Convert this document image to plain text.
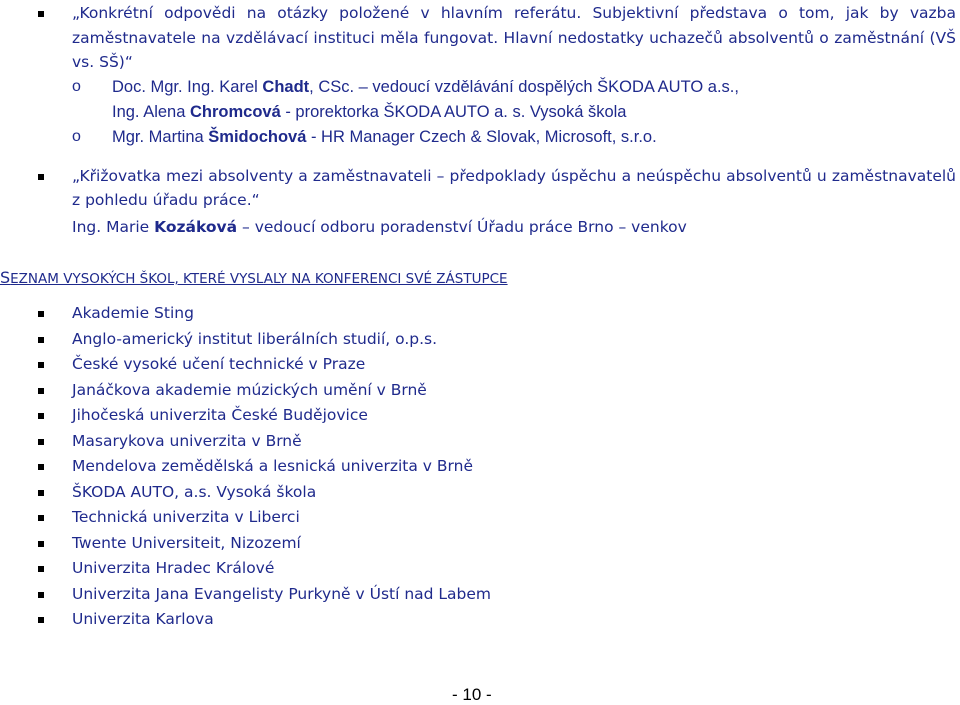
„Konkrétní odpovědi na otázky položené v hlavním referátu. Subjektivní představa o tom, jak by vazba
zaměstnavatele na vzdělávací instituci měla fungovat. Hlavní nedostatky uchazečů absolventů o zaměstnání (VŠ
vs. SŠ)“
o Doc. Mgr. Ing. Karel Chadt, CSc. – vedoucí vzdělávání dospělých ŠKODA AUTO a.s.,
Ing. Alena Chromcová - prorektorka ŠKODA AUTO a. s. Vysoká škola
o Mgr. Martina Šmidochová - HR Manager Czech & Slovak, Microsoft, s.r.o.
„Křižovatka mezi absolventy a zaměstnavateli – předpoklady úspěchu a neúspěchu absolventů u zaměstnavatelů
z pohledu úřadu práce.“
Ing. Marie Kozáková – vedoucí odboru poradenství Úřadu práce Brno – venkov
SEZNAM VYSOKÝCH ŠKOL, KTERÉ VYSLALY NA KONFERENCI SVÉ ZÁSTUPCE
Akademie Sting
Anglo-americký institut liberálních studií, o.p.s.
České vysoké učení technické v Praze
Janáčkova akademie múzických umění v Brně
Jihočeská univerzita České Budějovice
Masarykova univerzita v Brně
Mendelova zemědělská a lesnická univerzita v Brně
ŠKODA AUTO, a.s. Vysoká škola
Technická univerzita v Liberci
Twente Universiteit, Nizozemí
Univerzita Hradec Králové
Univerzita Jana Evangelisty Purkyně v Ústí nad Labem
Univerzita Karlova
- 10 -
